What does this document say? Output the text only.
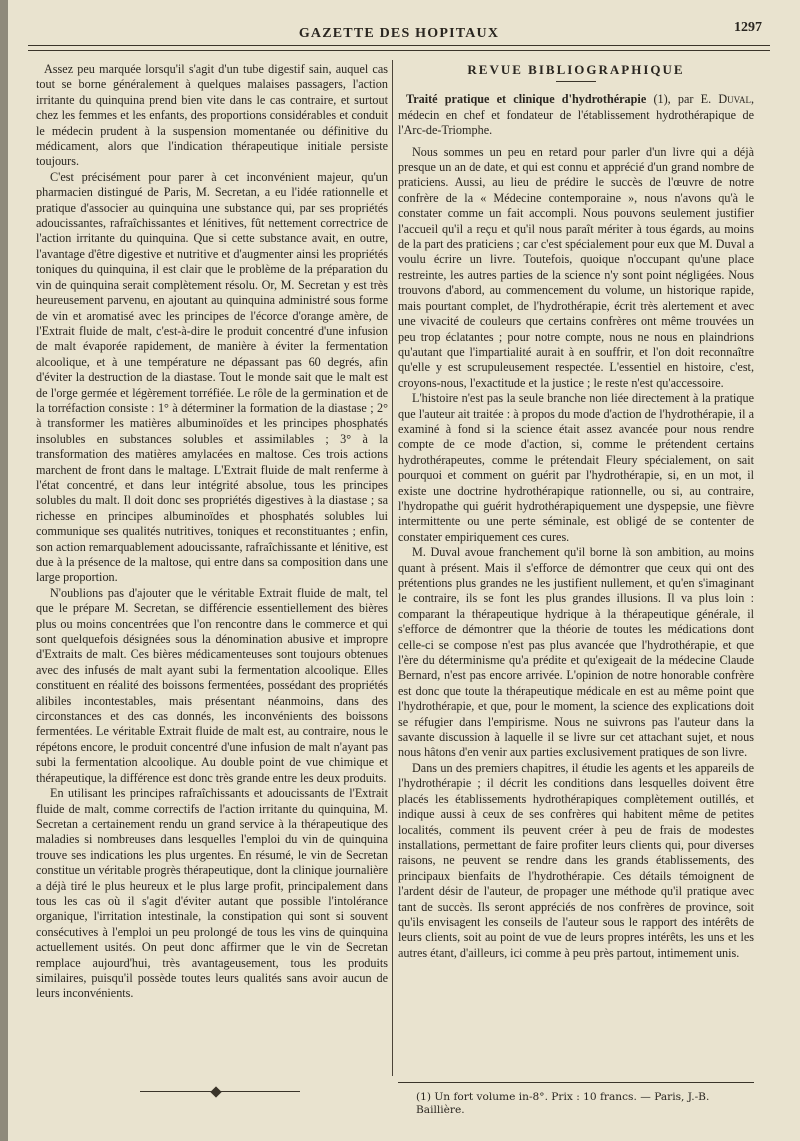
GAZETTE DES HOPITAUX	1297

Assez peu marquée lorsqu'il s'agit d'un tube digestif sain, auquel cas tout se borne généralement à quelques malaises passagers, l'action irritante du quinquina prend bien vite dans le cas contraire, et surtout chez les femmes et les enfants, des proportions considérables et conduit le médecin prudent à la suspension momentanée ou définitive du médicament, alors que l'indication thérapeutique initiale persiste toujours.

C'est précisément pour parer à cet inconvénient majeur, qu'un pharmacien distingué de Paris, M. Secretan, a eu l'idée rationnelle et pratique d'associer au quinquina une substance qui, par ses propriétés adoucissantes, rafraîchissantes et lénitives, fût nettement correctrice de l'action irritante du quinquina. Que si cette substance avait, en outre, l'avantage d'être digestive et nutritive et d'augmenter ainsi les propriétés toniques du quinquina, il est clair que le problème de la préparation du vin de quinquina serait complètement résolu. Or, M. Secretan y est très heureusement parvenu, en ajoutant au quinquina administré sous forme de vin et aromatisé avec les principes de l'écorce d'orange amère, de l'Extrait fluide de malt, c'est-à-dire le produit concentré d'une infusion de malt évaporée rapidement, de manière à éviter la fermentation alcoolique, et à une température ne dépassant pas 60 degrés, afin d'éviter la destruction de la diastase. Tout le monde sait que le malt est de l'orge germée et légèrement torréfiée. Le rôle de la germination et de la torréfaction consiste : 1° à déterminer la formation de la diastase ; 2° à transformer les matières albuminoïdes et les principes phosphatés insolubles en substances solubles et assimilables ; 3° à la transformation des matières amylacées en maltose. Ces trois actions marchent de front dans le maltage. L'Extrait fluide de malt renferme à l'état concentré, et dans leur intégrité absolue, tous les principes solubles du malt. Il doit donc ses propriétés digestives à la diastase ; sa richesse en principes albuminoïdes et phosphatés solubles lui communique ses qualités nutritives, toniques et reconstituantes ; enfin, son action remarquablement adoucissante, rafraîchissante et lénitive, est due à la présence de la maltose, qui entre dans sa composition dans une large proportion.

N'oublions pas d'ajouter que le véritable Extrait fluide de malt, tel que le prépare M. Secretan, se différencie essentiellement des bières plus ou moins concentrées que l'on rencontre dans le commerce et qui sont quelquefois désignées sous la dénomination abusive et impropre d'Extraits de malt. Ces bières médicamenteuses sont toujours obtenues avec des infusés de malt ayant subi la fermentation alcoolique. Elles constituent en réalité des boissons fermentées, possédant des propriétés alibiles incontestables, mais présentant néanmoins, dans des circonstances et des cas donnés, les inconvénients des boissons fermentées. Le véritable Extrait fluide de malt est, au contraire, nous le répétons encore, le produit concentré d'une infusion de malt n'ayant pas subi la fermentation alcoolique. Au double point de vue chimique et thérapeutique, la différence est donc très grande entre les deux produits.

En utilisant les principes rafraîchissants et adoucissants de l'Extrait fluide de malt, comme correctifs de l'action irritante du quinquina, M. Secretan a certainement rendu un grand service à la thérapeutique des maladies si nombreuses dans lesquelles l'emploi du vin de quinquina trouve ses indications les plus urgentes. En résumé, le vin de Secretan constitue un véritable progrès thérapeutique, dont la clinique journalière a déjà tiré le plus heureux et le plus large profit, principalement dans tous les cas où il s'agit d'éviter autant que possible l'intolérance organique, l'irritation intestinale, la constipation qui sont si souvent consécutives à l'emploi un peu prolongé de tous les vins de quinquina actuellement usités. On peut donc affirmer que le vin de Secretan remplace aujourd'hui, très avantageusement, tous les produits similaires, puisqu'il possède toutes leurs qualités sans avoir aucun de leurs inconvénients.

REVUE BIBLIOGRAPHIQUE

Traité pratique et clinique d'hydrothérapie (1), par E. Duval, médecin en chef et fondateur de l'établissement hydrothérapique de l'Arc-de-Triomphe.

Nous sommes un peu en retard pour parler d'un livre qui a déjà presque un an de date, et qui est connu et apprécié d'un grand nombre de praticiens. Aussi, au lieu de prédire le succès de l'œuvre de notre confrère de la « Médecine contemporaine », nous n'avons qu'à le constater comme un fait accompli. Nous pouvons seulement justifier l'accueil qu'il a reçu et qu'il nous paraît mériter à tous égards, au moins de la part des praticiens ; car c'est spécialement pour eux que M. Duval a voulu écrire un livre. Toutefois, quoique n'occupant qu'une place restreinte, les autres parties de la science n'y sont point négligées. Nous trouvons d'abord, au commencement du volume, un historique rapide, mais pourtant complet, de l'hydrothérapie, écrit très alertement et avec une vivacité de couleurs que certains confrères ont même trouvées un peu trop éclatantes ; pour notre compte, nous ne nous en plaindrions qu'autant que l'impartialité aurait à en souffrir, et l'on doit reconnaître qu'elle y est scrupuleusement respectée. L'essentiel en histoire, c'est, croyons-nous, l'exactitude et la justice ; le reste n'est qu'accessoire.

L'histoire n'est pas la seule branche non liée directement à la pratique que l'auteur ait traitée : à propos du mode d'action de l'hydrothérapie, il a examiné à fond si la science était assez avancée pour nous rendre compte de ce mode d'action, si, comme le prétendent certains hydrothérapeutes, comme le prétendait Fleury spécialement, on sait pourquoi et comment on guérit par l'hydrothérapie, si, en un mot, il existe une doctrine hydrothérapique rationnelle, ou si, au contraire, l'hydropathe qui guérit hydrothérapiquement une dyspepsie, une fièvre intermittente ou une perte séminale, est obligé de se contenter de constater empiriquement ces cures.

M. Duval avoue franchement qu'il borne là son ambition, au moins quant à présent. Mais il s'efforce de démontrer que ceux qui ont des prétentions plus grandes ne les justifient nullement, et qu'en s'imaginant le contraire, ils se font les plus grandes illusions. Il va plus loin : comparant la thérapeutique hydrique à la thérapeutique générale, il s'efforce de démontrer que la théorie de toutes les médications dont celle-ci se compose n'est pas plus avancée que l'hydrothérapie, et que l'ère du déterminisme qu'a prédite et qu'exigeait de la médecine Claude Bernard, n'est pas encore arrivée. L'opinion de notre honorable confrère est donc que toute la thérapeutique médicale en est au même point que l'hydrothérapie, et que, pour le moment, la science des explications doit se réfugier dans l'empirisme. Nous ne suivrons pas l'auteur dans la savante discussion à laquelle il se livre sur cet attachant sujet, et nous nous hâtons d'en venir aux parties exclusivement pratiques de son livre.

Dans un des premiers chapitres, il étudie les agents et les appareils de l'hydrothérapie ; il décrit les conditions dans lesquelles doivent être placés les établissements hydrothérapiques complètement outillés, et indique aussi à ceux de ses confrères qui habitent même de petites localités, comment ils peuvent créer à peu de frais de modestes installations, permettant de faire profiter leurs clients qui, pour diverses raisons, ne peuvent se rendre dans les grands établissements, des principaux bienfaits de l'hydrothérapie. Ces détails témoignent de l'ardent désir de l'auteur, de propager une méthode qu'il pratique avec tant de succès. Ils seront appréciés de nos confrères de province, soit qu'ils envisagent les conseils de l'auteur sous le rapport des intérêts de leurs clients, soit au point de vue de leurs propres intérêts, les uns et les autres étant, d'ailleurs, ici comme à peu près partout, intimement unis.

(1) Un fort volume in-8°. Prix : 10 francs. — Paris, J.-B. Baillière.
